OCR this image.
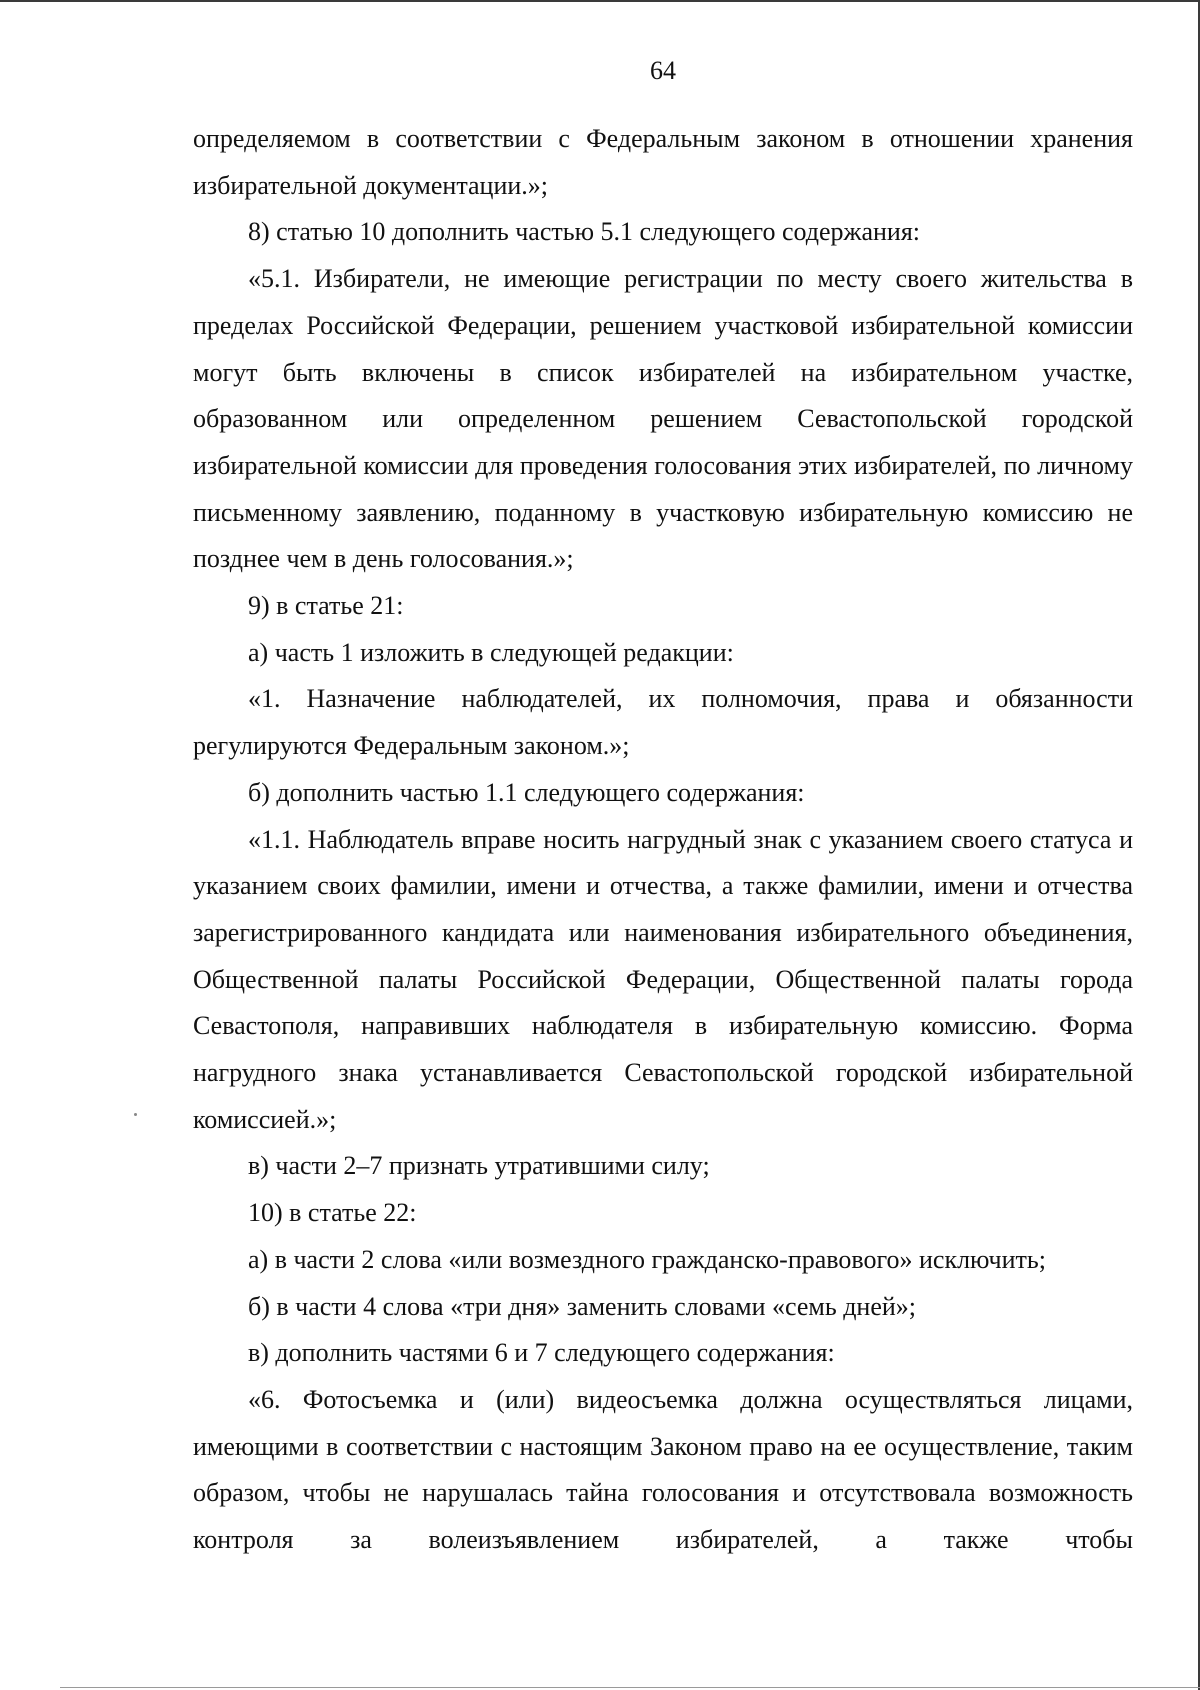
64

определяемом в соответствии с Федеральным законом в отношении хранения избирательной документации.»;

8) статью 10 дополнить частью 5.1 следующего содержания:

«5.1. Избиратели, не имеющие регистрации по месту своего жительства в пределах Российской Федерации, решением участковой избирательной комиссии могут быть включены в список избирателей на избирательном участке, образованном или определенном решением Севастопольской городской избирательной комиссии для проведения голосования этих избирателей, по личному письменному заявлению, поданному в участковую избирательную комиссию не позднее чем в день голосования.»;

9) в статье 21:

а) часть 1 изложить в следующей редакции:

«1. Назначение наблюдателей, их полномочия, права и обязанности регулируются Федеральным законом.»;

б) дополнить частью 1.1 следующего содержания:

«1.1. Наблюдатель вправе носить нагрудный знак с указанием своего статуса и указанием своих фамилии, имени и отчества, а также фамилии, имени и отчества зарегистрированного кандидата или наименования избирательного объединения, Общественной палаты Российской Федерации, Общественной палаты города Севастополя, направивших наблюдателя в избирательную комиссию. Форма нагрудного знака устанавливается Севастопольской городской избирательной комиссией.»;

в) части 2–7 признать утратившими силу;

10) в статье 22:

а) в части 2 слова «или возмездного гражданско-правового» исключить;

б) в части 4 слова «три дня» заменить словами «семь дней»;

в) дополнить частями 6 и 7 следующего содержания:

«6. Фотосъемка и (или) видеосъемка должна осуществляться лицами, имеющими в соответствии с настоящим Законом право на ее осуществление, таким образом, чтобы не нарушалась тайна голосования и отсутствовала возможность контроля за волеизъявлением избирателей, а также чтобы
